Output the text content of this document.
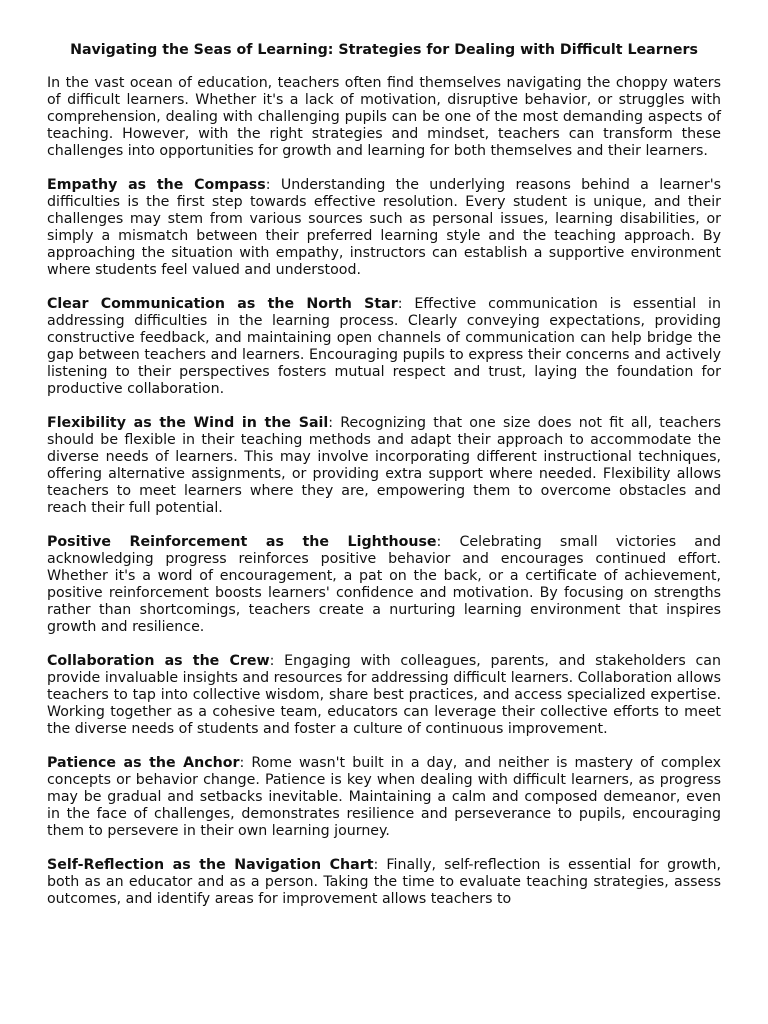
Navigating the Seas of Learning: Strategies for Dealing with Difficult Learners

In the vast ocean of education, teachers often find themselves navigating the choppy waters of difficult learners. Whether it's a lack of motivation, disruptive behavior, or struggles with comprehension, dealing with challenging pupils can be one of the most demanding aspects of teaching. However, with the right strategies and mindset, teachers can transform these challenges into opportunities for growth and learning for both themselves and their learners.

Empathy as the Compass: Understanding the underlying reasons behind a learner's difficulties is the first step towards effective resolution. Every student is unique, and their challenges may stem from various sources such as personal issues, learning disabilities, or simply a mismatch between their preferred learning style and the teaching approach. By approaching the situation with empathy, instructors can establish a supportive environment where students feel valued and understood.

Clear Communication as the North Star: Effective communication is essential in addressing difficulties in the learning process. Clearly conveying expectations, providing constructive feedback, and maintaining open channels of communication can help bridge the gap between teachers and learners. Encouraging pupils to express their concerns and actively listening to their perspectives fosters mutual respect and trust, laying the foundation for productive collaboration.

Flexibility as the Wind in the Sail: Recognizing that one size does not fit all, teachers should be flexible in their teaching methods and adapt their approach to accommodate the diverse needs of learners. This may involve incorporating different instructional techniques, offering alternative assignments, or providing extra support where needed. Flexibility allows teachers to meet learners where they are, empowering them to overcome obstacles and reach their full potential.

Positive Reinforcement as the Lighthouse: Celebrating small victories and acknowledging progress reinforces positive behavior and encourages continued effort. Whether it's a word of encouragement, a pat on the back, or a certificate of achievement, positive reinforcement boosts learners' confidence and motivation. By focusing on strengths rather than shortcomings, teachers create a nurturing learning environment that inspires growth and resilience.

Collaboration as the Crew: Engaging with colleagues, parents, and stakeholders can provide invaluable insights and resources for addressing difficult learners. Collaboration allows teachers to tap into collective wisdom, share best practices, and access specialized expertise. Working together as a cohesive team, educators can leverage their collective efforts to meet the diverse needs of students and foster a culture of continuous improvement.

Patience as the Anchor: Rome wasn't built in a day, and neither is mastery of complex concepts or behavior change. Patience is key when dealing with difficult learners, as progress may be gradual and setbacks inevitable. Maintaining a calm and composed demeanor, even in the face of challenges, demonstrates resilience and perseverance to pupils, encouraging them to persevere in their own learning journey.

Self-Reflection as the Navigation Chart: Finally, self-reflection is essential for growth, both as an educator and as a person. Taking the time to evaluate teaching strategies, assess outcomes, and identify areas for improvement allows teachers to
